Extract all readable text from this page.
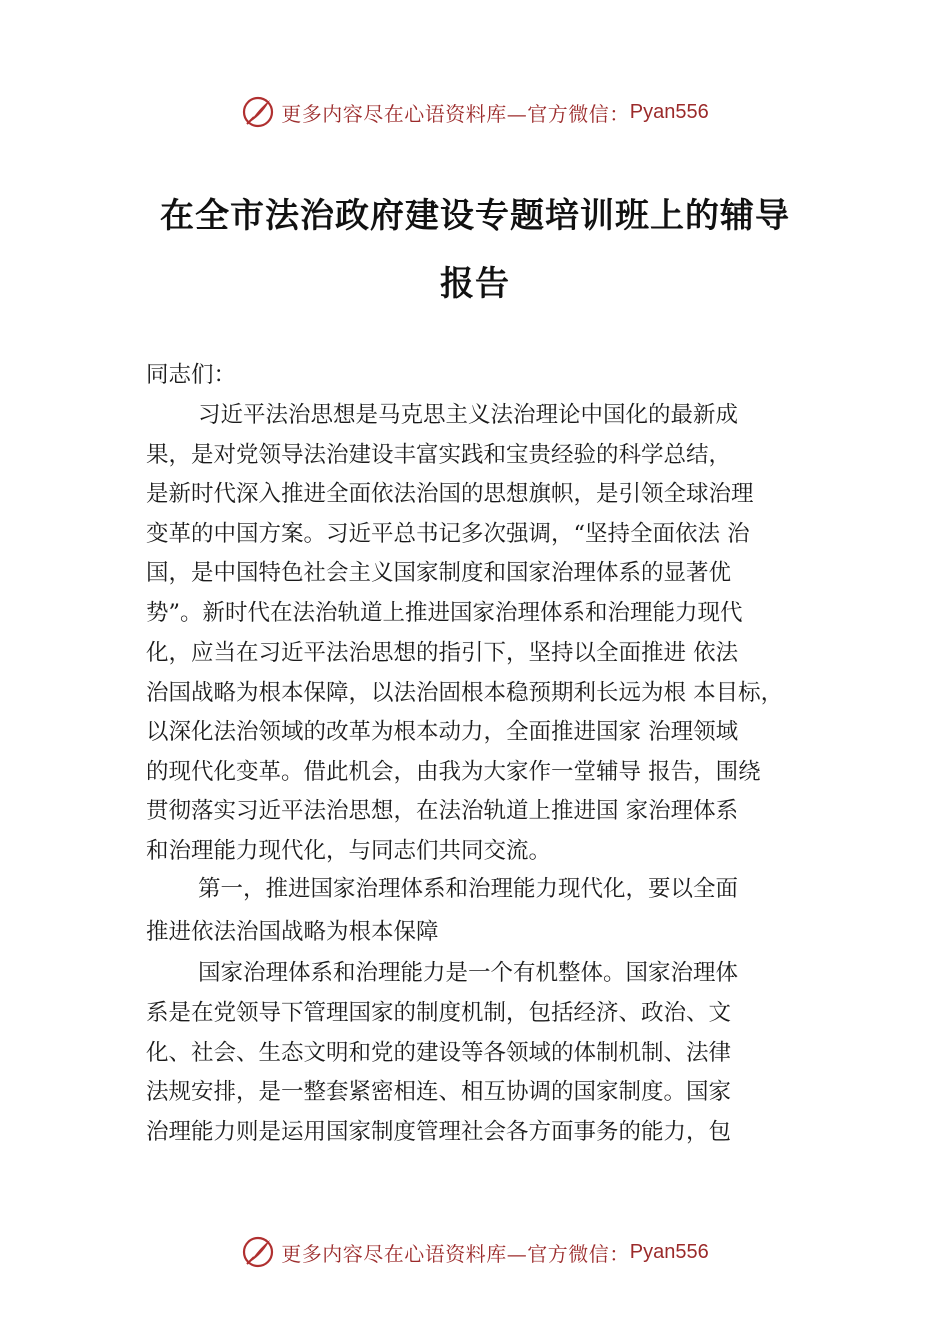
更多内容尽在心语资料库—官方微信： Pyan556
在全市法治政府建设专题培训班上的辅导
报告
同志们：
习近平法治思想是马克思主义法治理论中国化的最新成
果，是对党领导法治建设丰富实践和宝贵经验的科学总结，
是新时代深入推进全面依法治国的思想旗帜，是引领全球治理
变革的中国方案。习近平总书记多次强调，“坚持全面依法 治
国，是中国特色社会主义国家制度和国家治理体系的显著优
势”。新时代在法治轨道上推进国家治理体系和治理能力现代
化，应当在习近平法治思想的指引下，坚持以全面推进 依法
治国战略为根本保障，以法治固根本稳预期利长远为根 本目标，
以深化法治领域的改革为根本动力，全面推进国家 治理领域
的现代化变革。借此机会，由我为大家作一堂辅导 报告，围绕
贯彻落实习近平法治思想，在法治轨道上推进国 家治理体系
和治理能力现代化，与同志们共同交流。
第一，推进国家治理体系和治理能力现代化，要以全面
推进依法治国战略为根本保障
国家治理体系和治理能力是一个有机整体。国家治理体
系是在党领导下管理国家的制度机制，包括经济、政治、文
化、社会、生态文明和党的建设等各领域的体制机制、法律
法规安排，是一整套紧密相连、相互协调的国家制度。国家
治理能力则是运用国家制度管理社会各方面事务的能力，包
更多内容尽在心语资料库—官方微信： Pyan556
